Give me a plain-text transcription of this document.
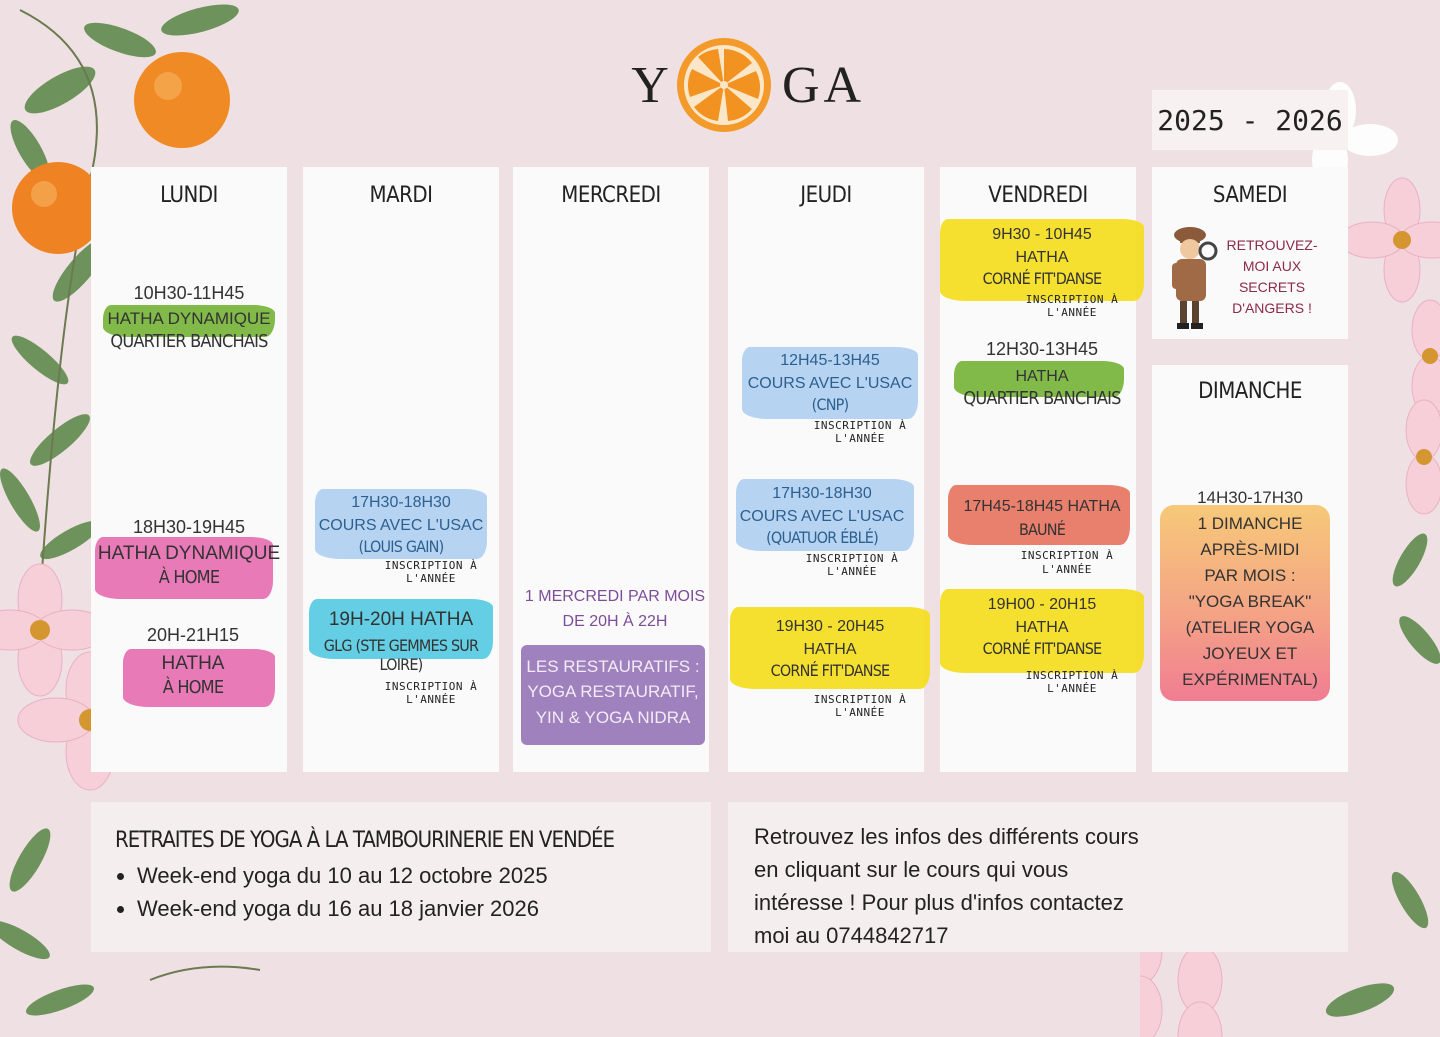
Y GA
2025 - 2026
LUNDI
10H30-11H45
HATHA DYNAMIQUE
QUARTIER BANCHAIS
18H30-19H45
HATHA DYNAMIQUE
À HOME
20H-21H15
HATHA
À HOME
MARDI
17H30-18H30
COURS AVEC L'USAC
(LOUIS GAIN)
INSCRIPTION À L'ANNÉE
19H-20H HATHA
GLG (STE GEMMES SUR LOIRE)
INSCRIPTION À L'ANNÉE
MERCREDI
1 MERCREDI PAR MOIS
DE 20H À 22H
LES RESTAURATIFS :
YOGA RESTAURATIF,
YIN & YOGA NIDRA
JEUDI
12H45-13H45
COURS AVEC L'USAC
(CNP)
INSCRIPTION À L'ANNÉE
17H30-18H30
COURS AVEC L'USAC
(QUATUOR ÉBLÉ)
INSCRIPTION À L'ANNÉE
19H30 - 20H45
HATHA
CORNÉ FIT'DANSE
INSCRIPTION À L'ANNÉE
VENDREDI
9H30 - 10H45
HATHA
CORNÉ FIT'DANSE
INSCRIPTION À L'ANNÉE
12H30-13H45
HATHA
QUARTIER BANCHAIS
17H45-18H45 HATHA
BAUNÉ
INSCRIPTION À L'ANNÉE
19H00 - 20H15
HATHA
CORNÉ FIT'DANSE
INSCRIPTION À L'ANNÉE
SAMEDI
RETROUVEZ-
MOI AUX
SECRETS
D'ANGERS !
DIMANCHE
14H30-17H30
1 DIMANCHE
APRÈS-MIDI
PAR MOIS :
"YOGA BREAK"
(ATELIER YOGA
JOYEUX ET
EXPÉRIMENTAL)
RETRAITES DE YOGA À LA TAMBOURINERIE EN VENDÉE
• Week-end yoga du 10 au 12 octobre 2025
• Week-end yoga du 16 au 18 janvier 2026
Retrouvez les infos des différents cours
en cliquant sur le cours qui vous
intéresse ! Pour plus d'infos contactez
moi au 0744842717
